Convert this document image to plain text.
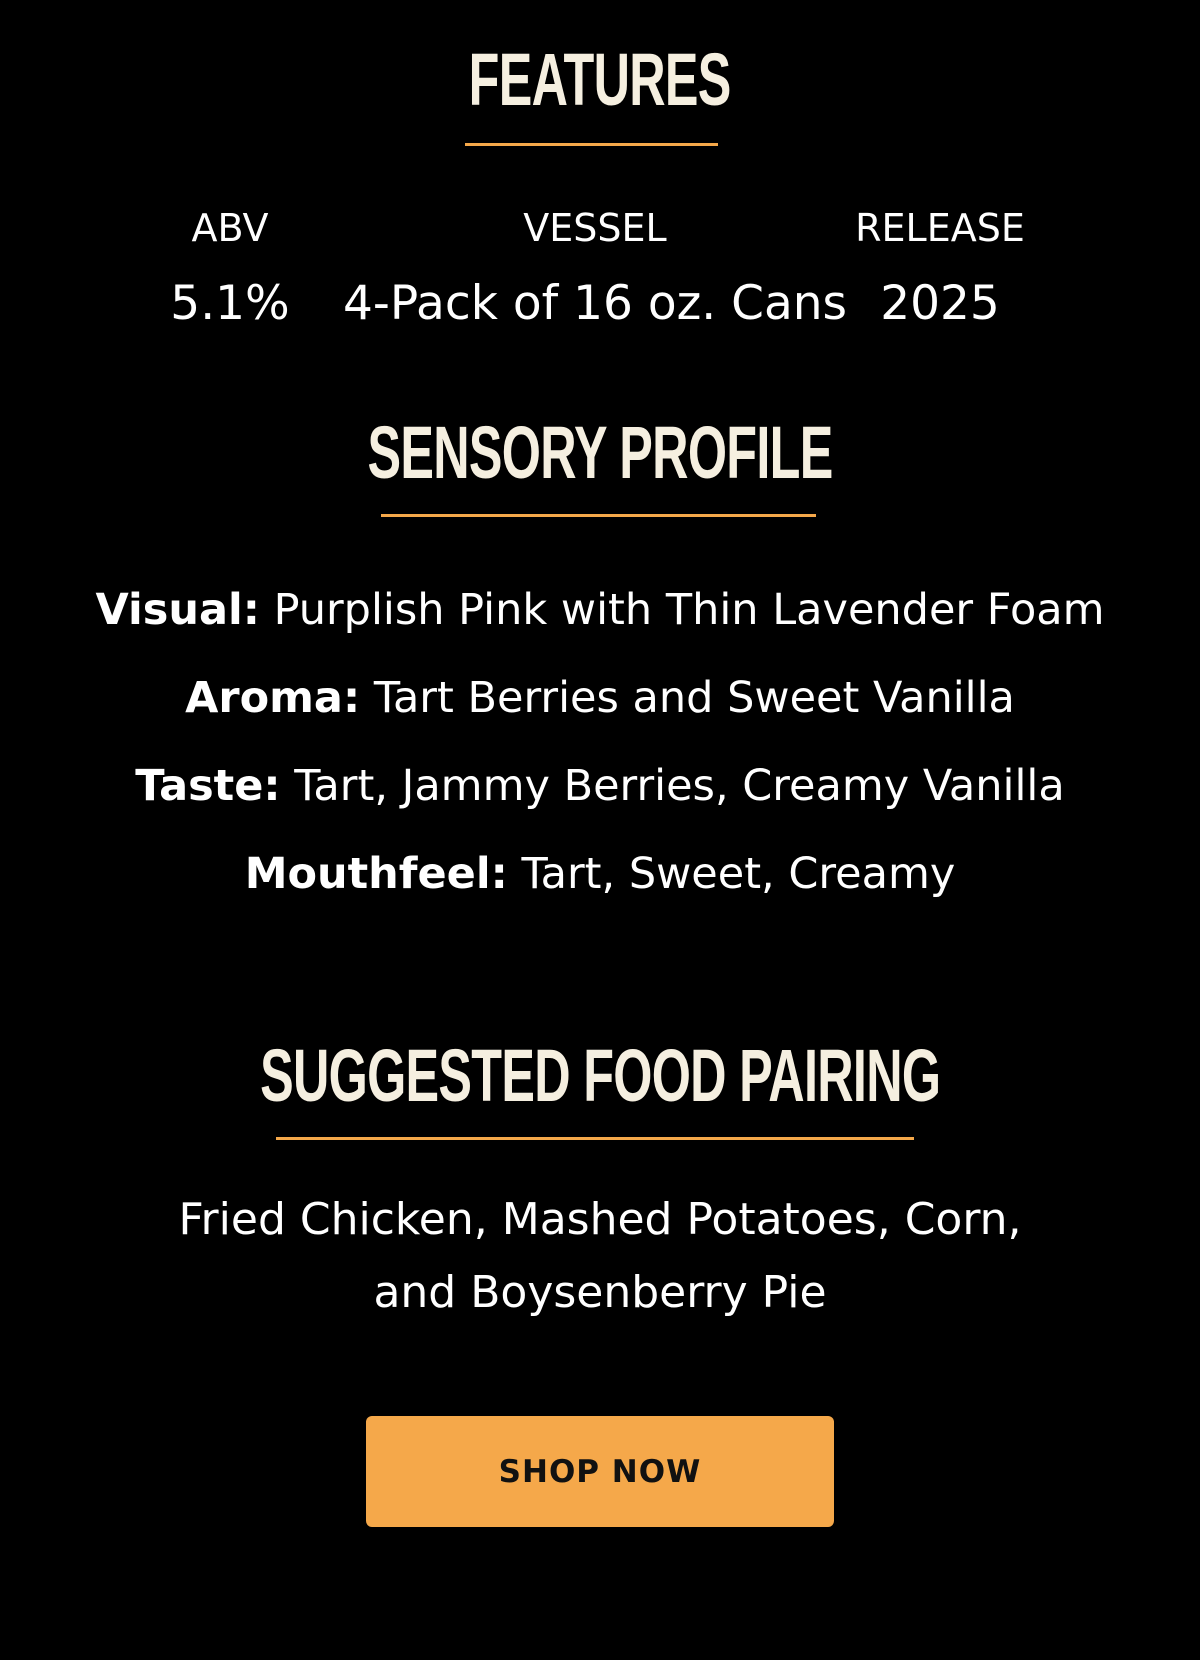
FEATURES
ABV
5.1%
VESSEL
4-Pack of 16 oz. Cans
RELEASE
2025
SENSORY PROFILE
Visual: Purplish Pink with Thin Lavender Foam
Aroma: Tart Berries and Sweet Vanilla
Taste: Tart, Jammy Berries, Creamy Vanilla
Mouthfeel: Tart, Sweet, Creamy
SUGGESTED FOOD PAIRING
Fried Chicken, Mashed Potatoes, Corn,
and Boysenberry Pie
SHOP NOW
